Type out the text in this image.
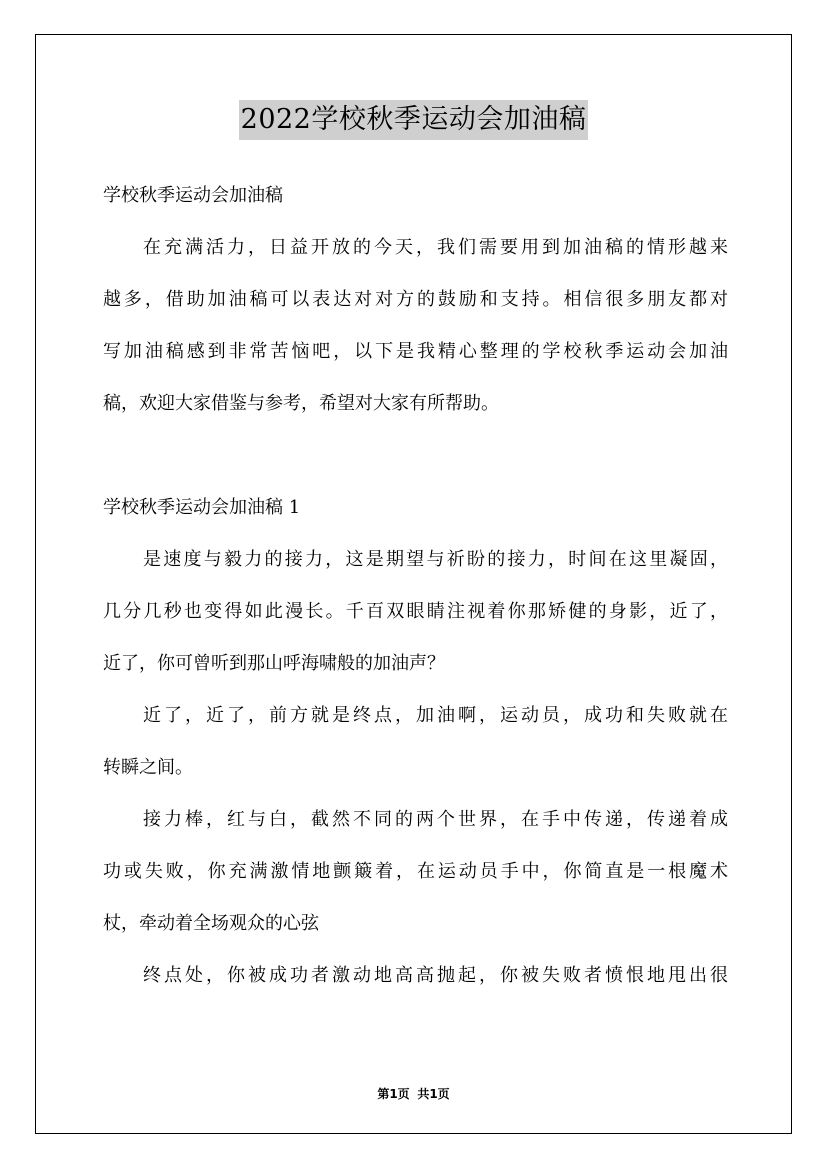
2022学校秋季运动会加油稿
学校秋季运动会加油稿
在充满活力，日益开放的今天，我们需要用到加油稿的情形越来
越多，借助加油稿可以表达对对方的鼓励和支持。相信很多朋友都对
写加油稿感到非常苦恼吧，以下是我精心整理的学校秋季运动会加油
稿，欢迎大家借鉴与参考，希望对大家有所帮助。
学校秋季运动会加油稿 1
是速度与毅力的接力，这是期望与祈盼的接力，时间在这里凝固，
几分几秒也变得如此漫长。千百双眼睛注视着你那矫健的身影，近了，
近了，你可曾听到那山呼海啸般的加油声？
近了，近了，前方就是终点，加油啊，运动员，成功和失败就在
转瞬之间。
接力棒，红与白，截然不同的两个世界，在手中传递，传递着成
功或失败，你充满激情地颤簸着，在运动员手中，你简直是一根魔术
杖，牵动着全场观众的心弦
终点处，你被成功者激动地高高抛起，你被失败者愤恨地甩出很
第1页 共1页
